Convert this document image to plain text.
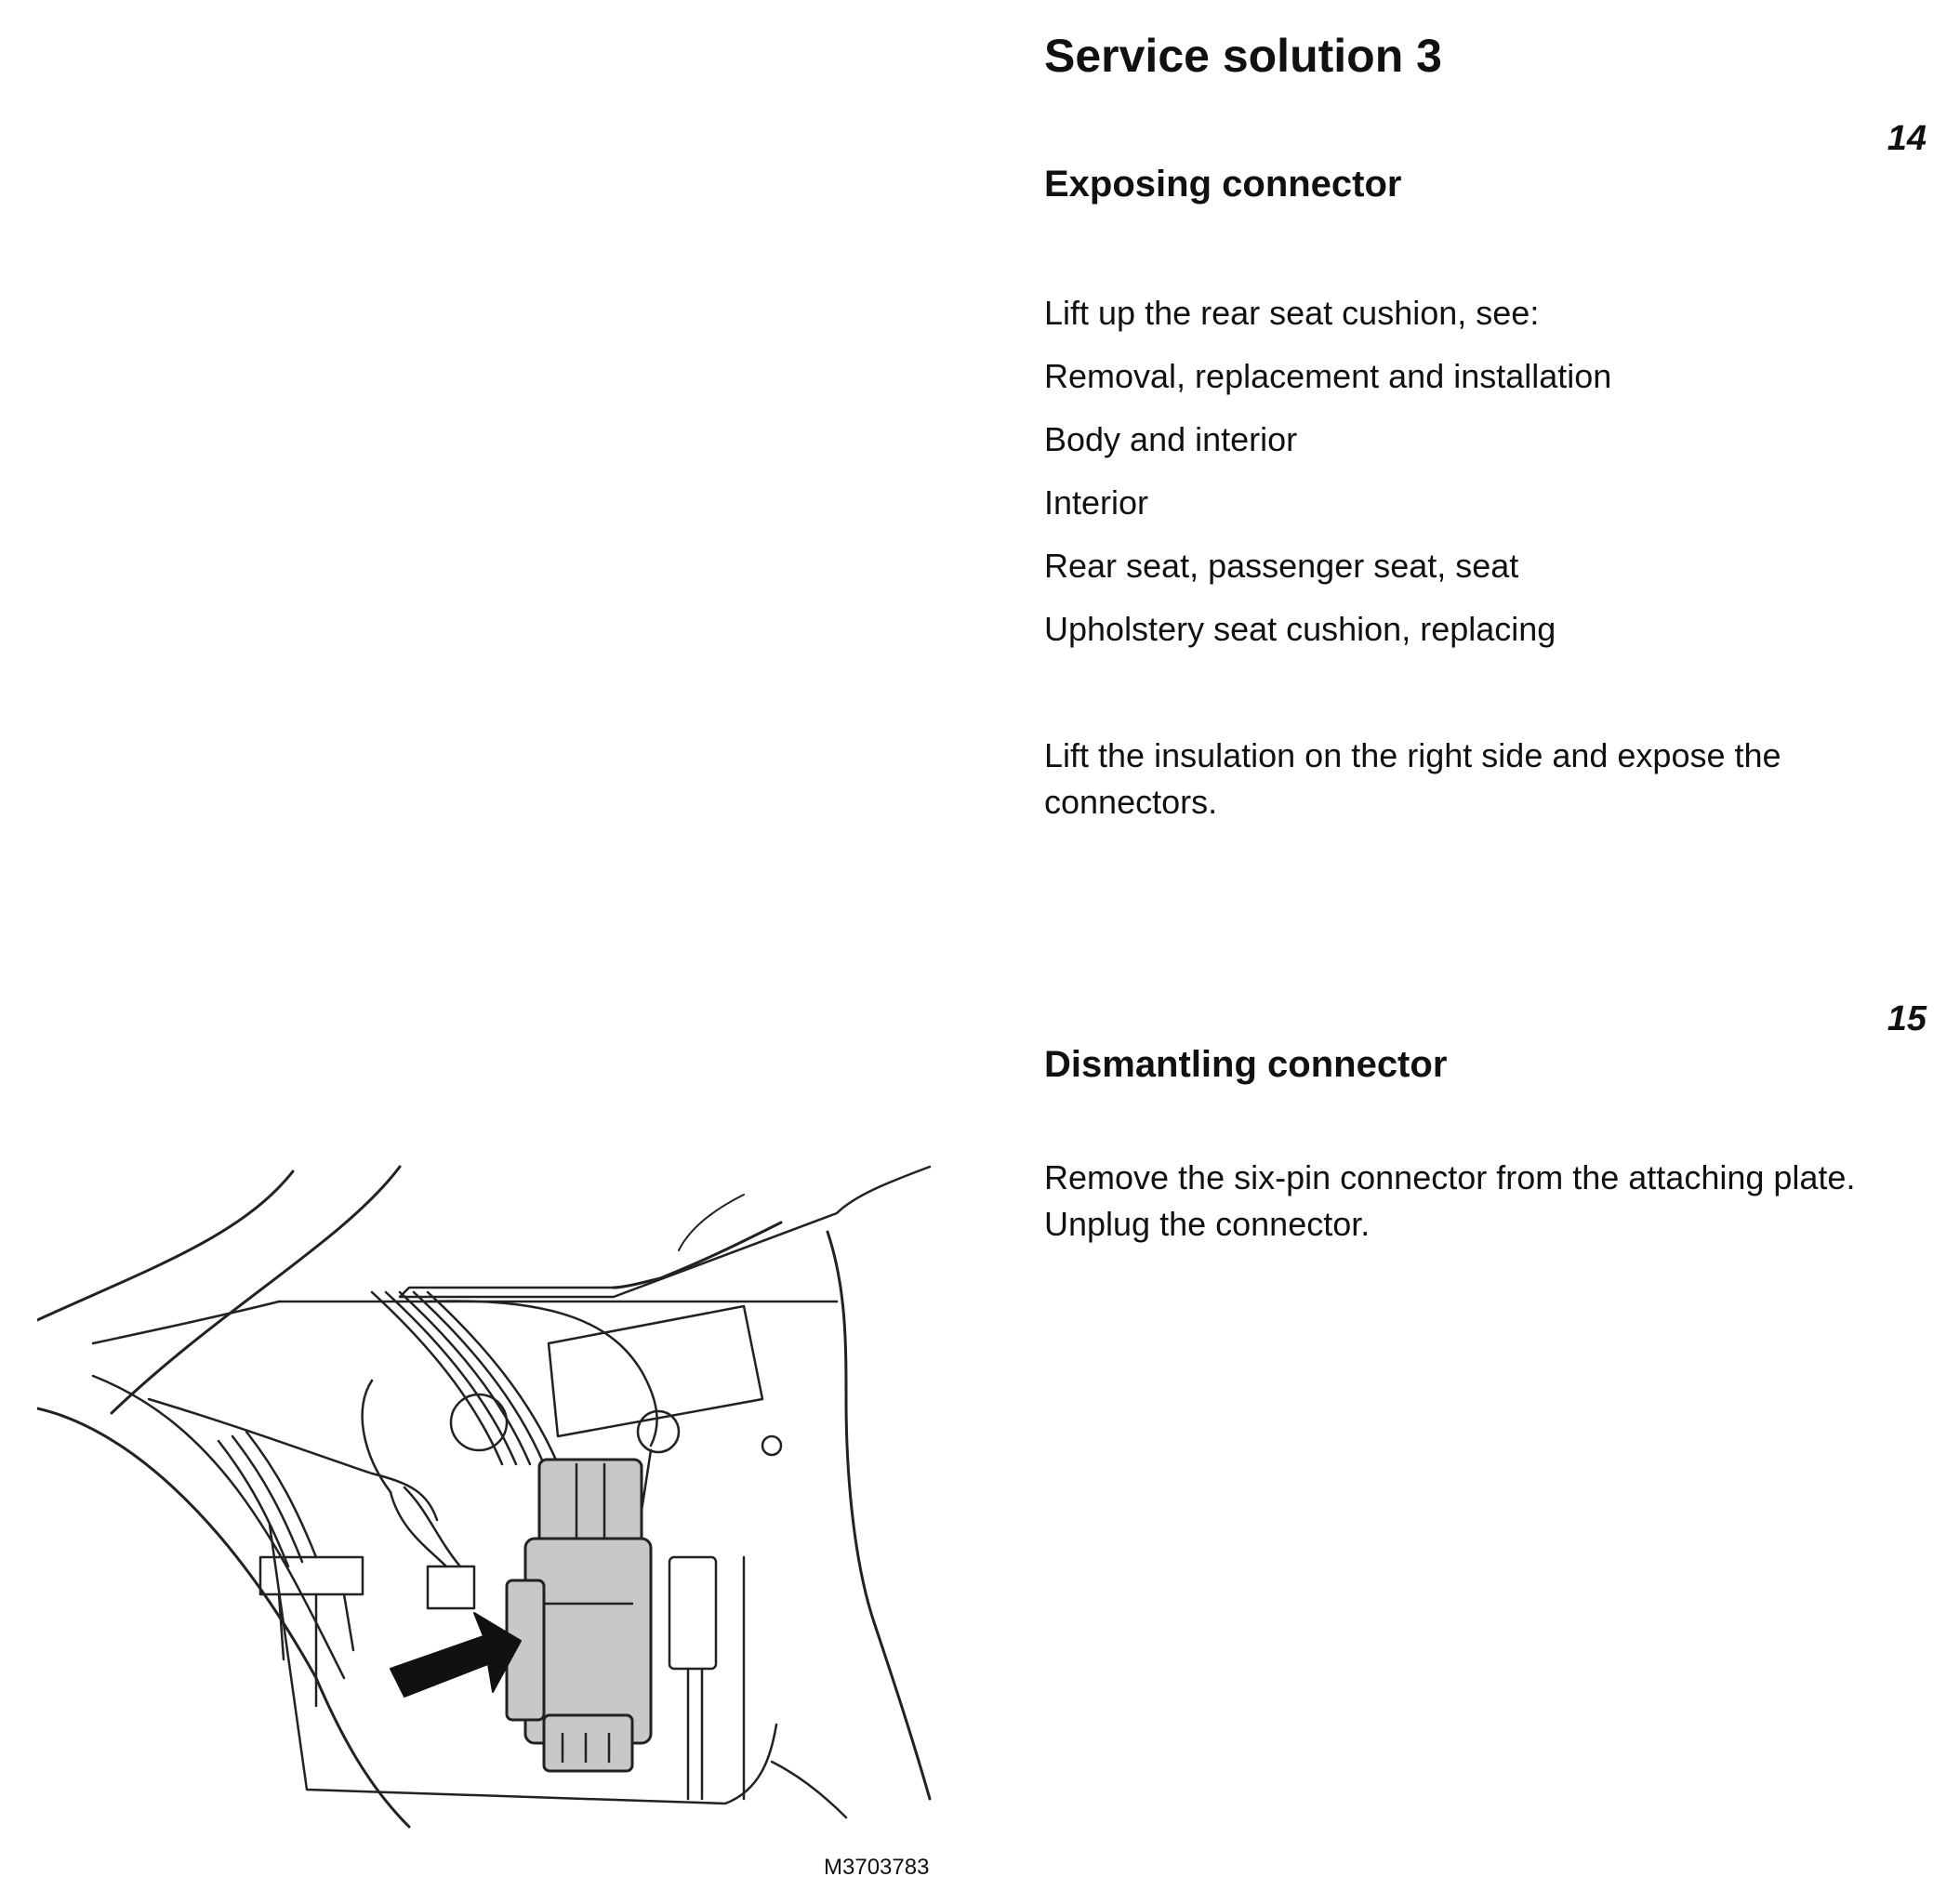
Service solution 3
14
Exposing connector
Lift up the rear seat cushion, see:
Removal, replacement and installation
Body and interior
Interior
Rear seat, passenger seat, seat
Upholstery seat cushion, replacing

Lift the insulation on the right side and expose the
connectors.

15
Dismantling connector

Remove the six-pin connector from the attaching plate.
Unplug the connector.

M3703783
